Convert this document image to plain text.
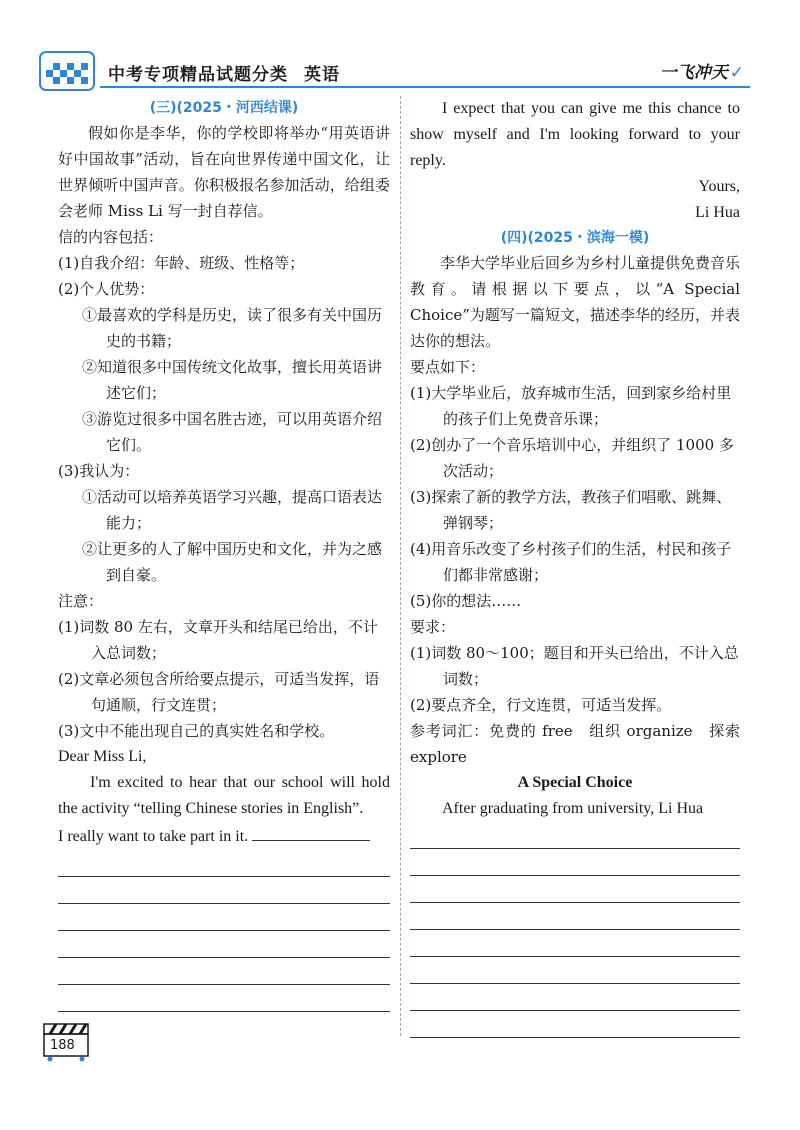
中考专项精品试题分类 英语	一飞冲天 ✓
(三)(2025・河西结课)

假如你是李华，你的学校即将举办“用英语讲好中国故事”活动，旨在向世界传递中国文化，让世界倾听中国声音。你积极报名参加活动，给组委会老师 Miss Li 写一封自荐信。

信的内容包括：

(1)自我介绍：年龄、班级、性格等；

(2)个人优势：

①最喜欢的学科是历史，读了很多有关中国历史的书籍；

②知道很多中国传统文化故事，擅长用英语讲述它们；

③游览过很多中国名胜古迹，可以用英语介绍它们。

(3)我认为：

①活动可以培养英语学习兴趣，提高口语表达能力；

②让更多的人了解中国历史和文化，并为之感到自豪。

注意：

(1)词数 80 左右，文章开头和结尾已给出，不计入总词数；

(2)文章必须包含所给要点提示，可适当发挥，语句通顺，行文连贯；

(3)文中不能出现自己的真实姓名和学校。

Dear Miss Li,

I'm excited to hear that our school will hold the activity “telling Chinese stories in English”.

I really want to take part in it.

I expect that you can give me this chance to show myself and I'm looking forward to your reply.

Yours,

Li Hua

(四)(2025・滨海一模)

李华大学毕业后回乡为乡村儿童提供免费音乐教育。请根据以下要点，以“A Special Choice”为题写一篇短文，描述李华的经历，并表达你的想法。

要点如下：

(1)大学毕业后，放弃城市生活，回到家乡给村里的孩子们上免费音乐课；

(2)创办了一个音乐培训中心，并组织了 1000 多次活动；

(3)探索了新的教学方法，教孩子们唱歌、跳舞、弹钢琴；

(4)用音乐改变了乡村孩子们的生活，村民和孩子们都非常感谢；

(5)你的想法……

要求：

(1)词数 80～100；题目和开头已给出，不计入总词数；

(2)要点齐全，行文连贯，可适当发挥。

参考词汇：免费的 free　组织 organize　探索 explore

A Special Choice

After graduating from university, Li Hua

188
